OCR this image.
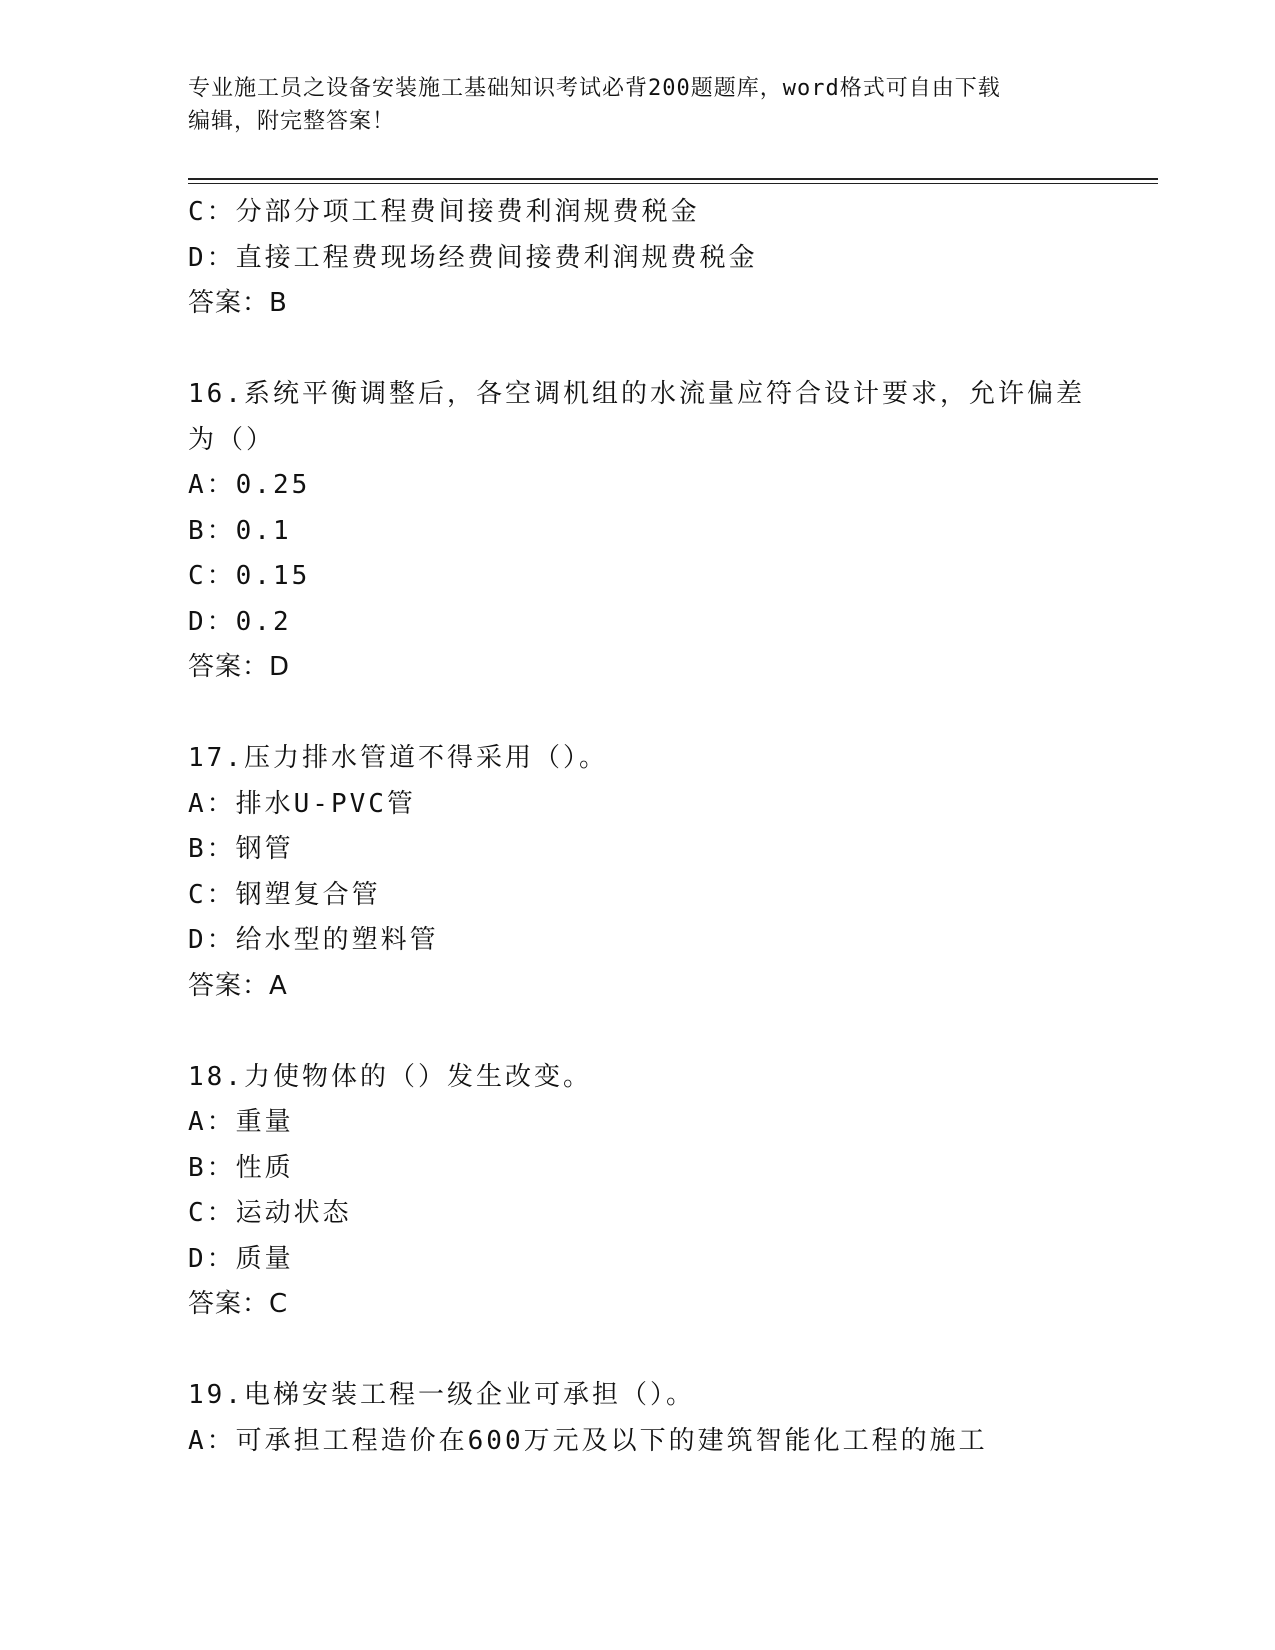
专业施工员之设备安装施工基础知识考试必背200题题库，word格式可自由下载
编辑，附完整答案！
C：分部分项工程费间接费利润规费税金
D：直接工程费现场经费间接费利润规费税金
答案：B
16.系统平衡调整后，各空调机组的水流量应符合设计要求，允许偏差
为（）
A：0.25
B：0.1
C：0.15
D：0.2
答案：D
17.压力排水管道不得采用（）。
A：排水U-PVC管
B：钢管
C：钢塑复合管
D：给水型的塑料管
答案：A
18.力使物体的（）发生改变。
A：重量
B：性质
C：运动状态
D：质量
答案：C
19.电梯安装工程一级企业可承担（）。
A：可承担工程造价在600万元及以下的建筑智能化工程的施工
